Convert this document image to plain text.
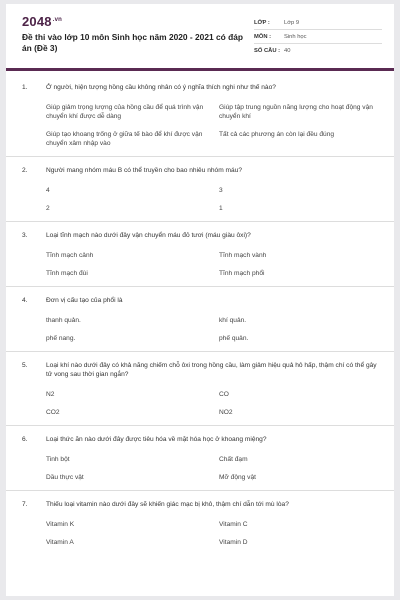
$2048^{.vn}$
Đề thi vào lớp 10 môn Sinh học năm 2020 - 2021 có đáp án (Đề 3)
LỚP :	Lớp 9
MÔN :	Sinh học
SỐ CÂU : 40
1.	Ở người, hiện tượng hồng cầu không nhân có ý nghĩa thích nghi như thế nào?
Giúp giảm trọng lượng của hồng cầu để quá trình vận chuyển khí được dễ dàng
Giúp tập trung nguồn năng lượng cho hoạt động vận chuyển khí
Giúp tạo khoang trống ở giữa tế bào để khí được vận chuyển xâm nhập vào
Tất cả các phương án còn lại đều đúng
2.	Người mang nhóm máu B có thể truyền cho bao nhiêu nhóm máu?
4	3
2	1
3.	Loại tĩnh mạch nào dưới đây vận chuyển máu đỏ tươi (máu giàu ôxi)?
Tĩnh mạch cảnh	Tĩnh mạch vành
Tĩnh mạch đùi	Tĩnh mạch phổi
4.	Đơn vị cấu tạo của phổi là
thanh quản.	khí quản.
phế nang.	phế quản.
5.	Loại khí nào dưới đây có khả năng chiếm chỗ ôxi trong hồng cầu, làm giảm hiệu quả hô hấp, thậm chí có thể gây tử vong sau thời gian ngắn?
N2	CO
CO2	NO2
6.	Loại thức ăn nào dưới đây được tiêu hóa về mặt hóa học ở khoang miệng?
Tinh bột	Chất đạm
Dầu thực vật	Mỡ động vật
7.	Thiếu loại vitamin nào dưới đây sẽ khiến giác mạc bị khô, thậm chí dẫn tới mù lòa?
Vitamin K	Vitamin C
Vitamin A	Vitamin D
